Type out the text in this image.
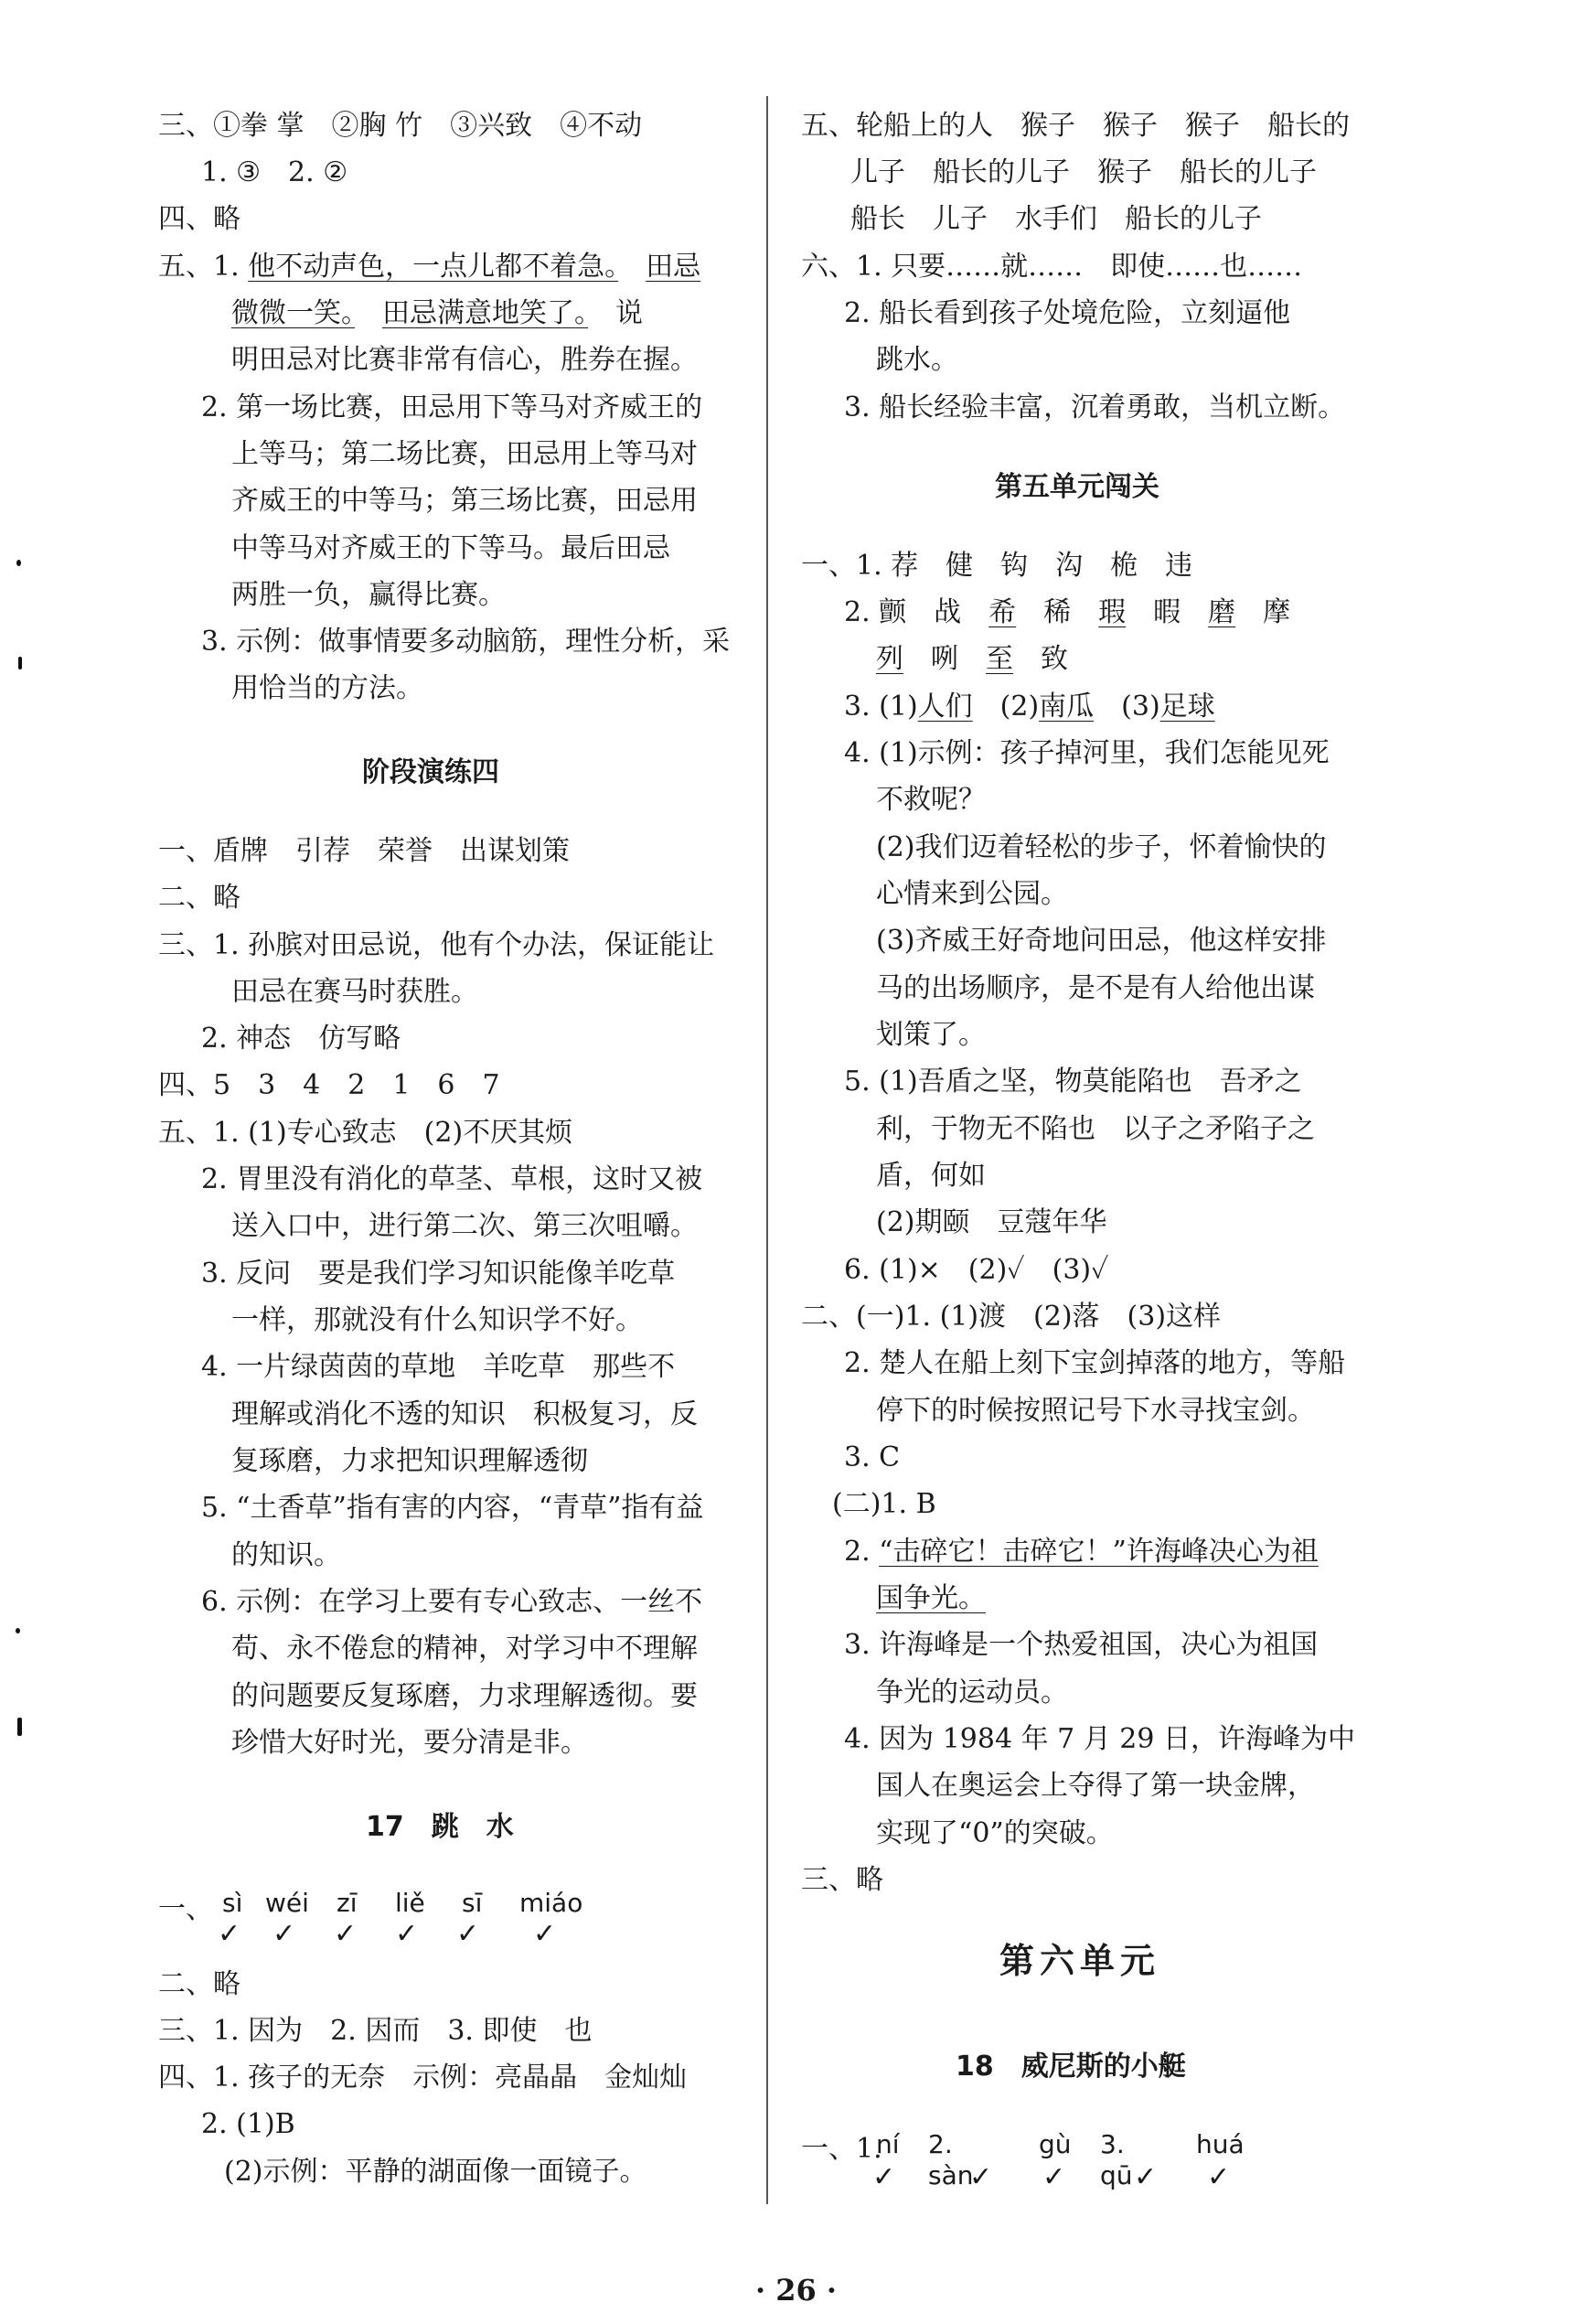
三、①拳 掌　②胸 竹　③兴致　④不动
1. ③　2. ②
四、略
五、1. 他不动声色，一点儿都不着急。　 田忌
微微一笑。　 田忌满意地笑了。　说
明田忌对比赛非常有信心，胜券在握。
2. 第一场比赛，田忌用下等马对齐威王的
上等马；第二场比赛，田忌用上等马对
齐威王的中等马；第三场比赛，田忌用
中等马对齐威王的下等马。最后田忌
两胜一负，赢得比赛。
3. 示例：做事情要多动脑筋，理性分析，采
用恰当的方法。
阶段演练四
一、盾牌　引荐　荣誉　出谋划策
二、略
三、1. 孙膑对田忌说，他有个办法，保证能让
田忌在赛马时获胜。
2. 神态　仿写略
四、5　3　4　2　1　6　7
五、1. (1)专心致志　(2)不厌其烦
2. 胃里没有消化的草茎、草根，这时又被
送入口中，进行第二次、第三次咀嚼。
3. 反问　要是我们学习知识能像羊吃草
一样，那就没有什么知识学不好。
4. 一片绿茵茵的草地　羊吃草　那些不
理解或消化不透的知识　积极复习，反
复琢磨，力求把知识理解透彻
5. “土香草”指有害的内容，“青草”指有益
的知识。
6. 示例：在学习上要有专心致志、一丝不
苟、永不倦怠的精神，对学习中不理解
的问题要反复琢磨，力求理解透彻。要
珍惜大好时光，要分清是非。
17　跳　水
一、 sì wéi zī liě sī miáo
✓ ✓ ✓ ✓ ✓ ✓
二、略
三、1. 因为　2. 因而　3. 即使　也
四、1. 孩子的无奈　示例：亮晶晶　金灿灿
2. (1)B
(2)示例：平静的湖面像一面镜子。
五、轮船上的人　猴子　猴子　猴子　船长的
儿子　船长的儿子　猴子　船长的儿子
船长　儿子　水手们　船长的儿子
六、1. 只要……就……　即使……也……
2. 船长看到孩子处境危险，立刻逼他
跳水。
3. 船长经验丰富，沉着勇敢，当机立断。
第五单元闯关
一、1. 荐　健　钩　沟　桅　违
2. 颤　 战　 希　 稀　 瑕　 暇　 磨　 摩
列　 咧　 至　 致
3. (1)人们　(2)南瓜　(3)足球
4. (1)示例：孩子掉河里，我们怎能见死
不救呢？
(2)我们迈着轻松的步子，怀着愉快的
心情来到公园。
(3)齐威王好奇地问田忌，他这样安排
马的出场顺序，是不是有人给他出谋
划策了。
5. (1)吾盾之坚，物莫能陷也　吾矛之
利，于物无不陷也　以子之矛陷子之
盾，何如
(2)期颐　豆蔻年华
6. (1)×　(2)✓　(3)✓
二、(一)1. (1)渡　(2)落　(3)这样
2. 楚人在船上刻下宝剑掉落的地方，等船
停下的时候按照记号下水寻找宝剑。
3. C
(二)1. B
2. “击碎它！击碎它！”许海峰决心为祖
国争光。
3. 许海峰是一个热爱祖国，决心为祖国
争光的运动员。
4. 因为 1984 年 7 月 29 日，许海峰为中
国人在奥运会上夺得了第一块金牌，
实现了“0”的突破。
三、略
第六单元
18　威尼斯的小艇
一、1.
ní 2. sàn
gù 3. qū
huá
✓	✓ ✓ ✓ ✓
· 26 ·
